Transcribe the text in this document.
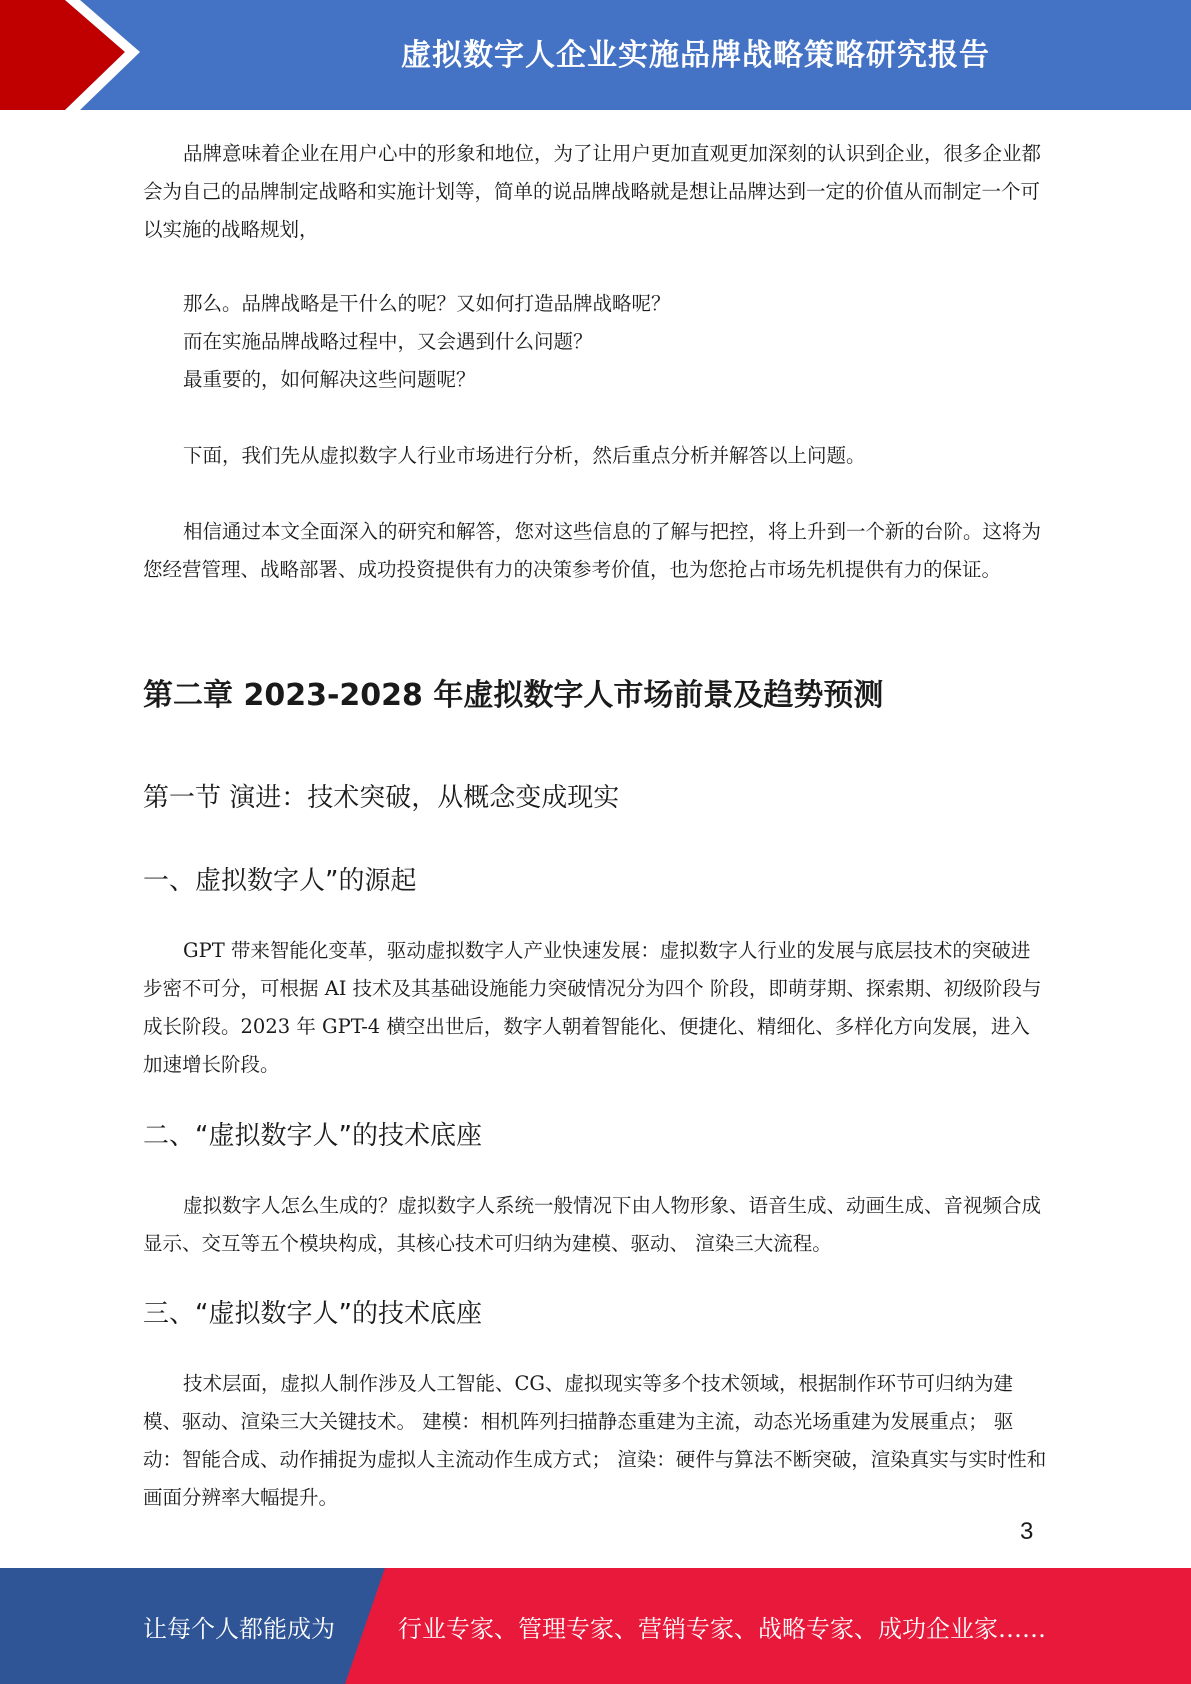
虚拟数字人企业实施品牌战略策略研究报告

品牌意味着企业在用户心中的形象和地位，为了让用户更加直观更加深刻的认识到企业，很多企业都会为自己的品牌制定战略和实施计划等，简单的说品牌战略就是想让品牌达到一定的价值从而制定一个可以实施的战略规划，

那么。品牌战略是干什么的呢？又如何打造品牌战略呢？

而在实施品牌战略过程中，又会遇到什么问题？

最重要的，如何解决这些问题呢？

下面，我们先从虚拟数字人行业市场进行分析，然后重点分析并解答以上问题。

相信通过本文全面深入的研究和解答，您对这些信息的了解与把控，将上升到一个新的台阶。这将为您经营管理、战略部署、成功投资提供有力的决策参考价值，也为您抢占市场先机提供有力的保证。

第二章 2023-2028 年虚拟数字人市场前景及趋势预测
第一节 演进：技术突破，从概念变成现实
一、虚拟数字人”的源起

GPT 带来智能化变革，驱动虚拟数字人产业快速发展：虚拟数字人行业的发展与底层技术的突破进步密不可分，可根据 AI 技术及其基础设施能力突破情况分为四个 阶段，即萌芽期、探索期、初级阶段与成长阶段。2023 年 GPT-4 横空出世后，数字人朝着智能化、便捷化、精细化、多样化方向发展，进入加速增长阶段。

二、“虚拟数字人”的技术底座

虚拟数字人怎么生成的？虚拟数字人系统一般情况下由人物形象、语音生成、动画生成、音视频合成显示、交互等五个模块构成，其核心技术可归纳为建模、驱动、 渲染三大流程。

三、“虚拟数字人”的技术底座

技术层面，虚拟人制作涉及人工智能、CG、虚拟现实等多个技术领域，根据制作环节可归纳为建模、驱动、渲染三大关键技术。 建模：相机阵列扫描静态重建为主流，动态光场重建为发展重点； 驱动：智能合成、动作捕捉为虚拟人主流动作生成方式； 渲染：硬件与算法不断突破，渲染真实与实时性和画面分辨率大幅提升。

3
让每个人都能成为	行业专家、管理专家、营销专家、战略专家、成功企业家……
